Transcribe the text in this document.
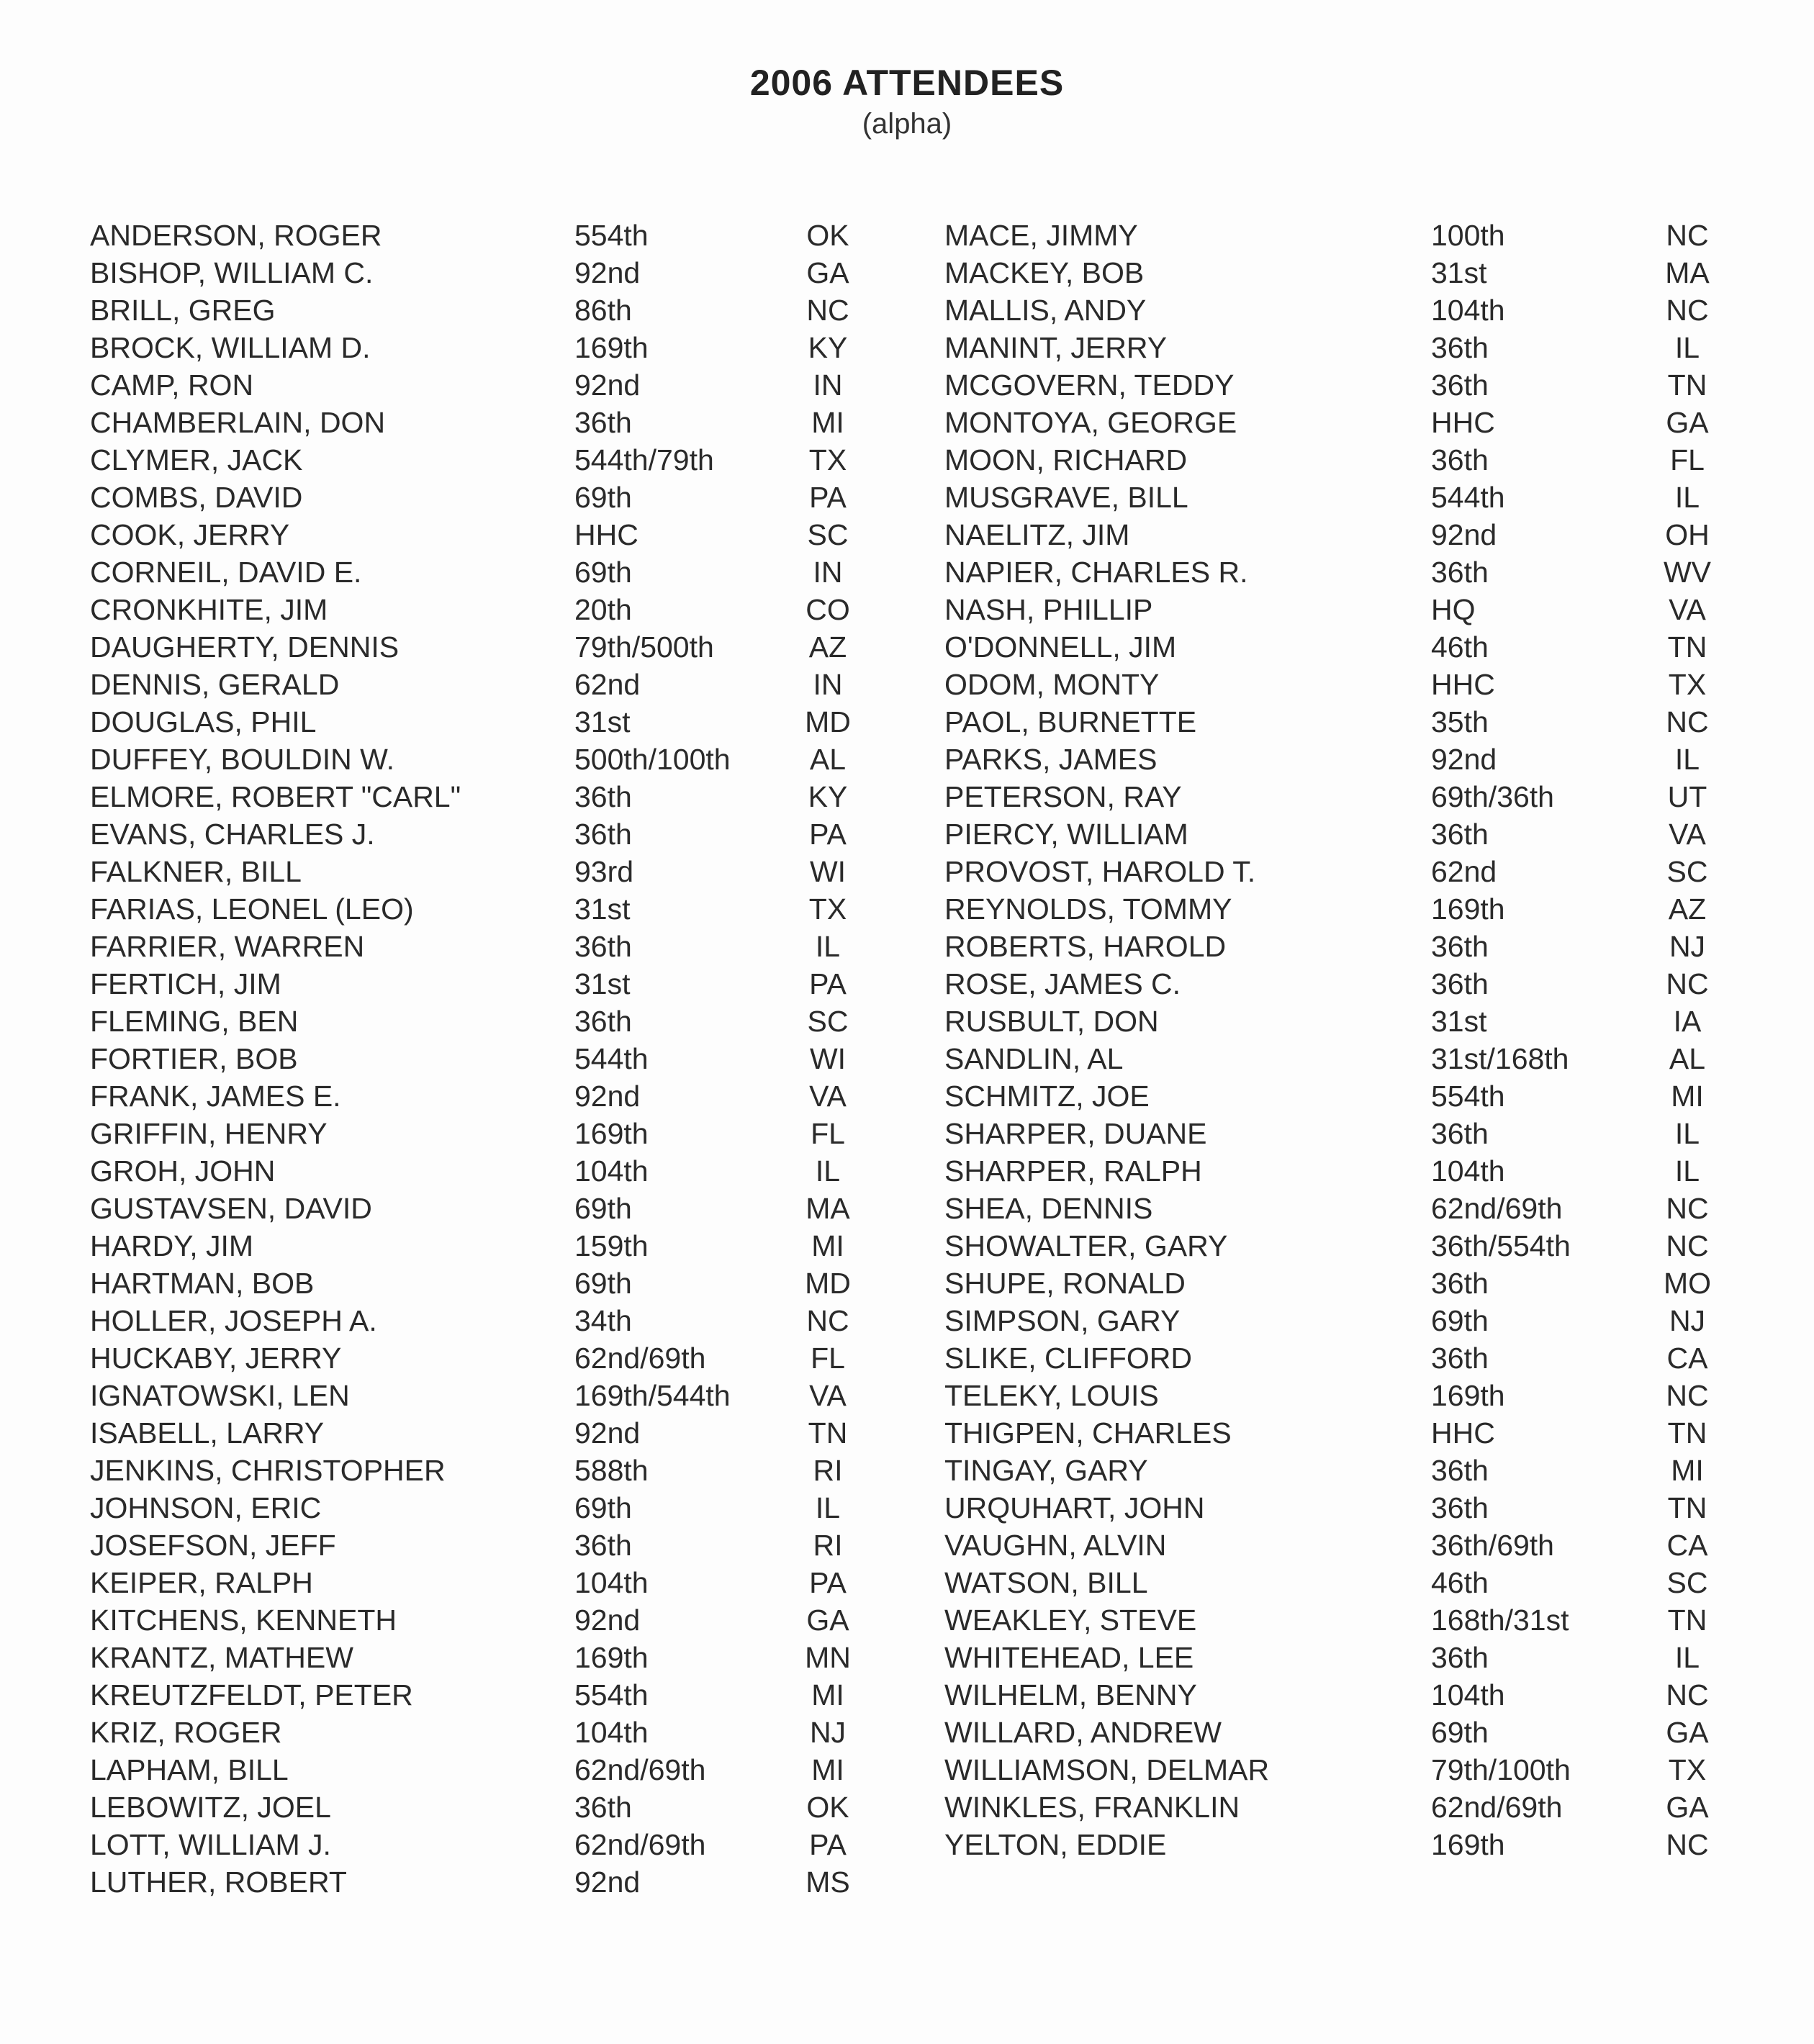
2006 ATTENDEES
(alpha)
ANDERSON, ROGER	554th	OK
BISHOP, WILLIAM C.	92nd	GA
BRILL, GREG	86th	NC
BROCK, WILLIAM D.	169th	KY
CAMP, RON	92nd	IN
CHAMBERLAIN, DON	36th	MI
CLYMER, JACK	544th/79th	TX
COMBS, DAVID	69th	PA
COOK, JERRY	HHC	SC
CORNEIL, DAVID E.	69th	IN
CRONKHITE, JIM	20th	CO
DAUGHERTY, DENNIS	79th/500th	AZ
DENNIS, GERALD	62nd	IN
DOUGLAS, PHIL	31st	MD
DUFFEY, BOULDIN W.	500th/100th	AL
ELMORE, ROBERT "CARL"	36th	KY
EVANS, CHARLES J.	36th	PA
FALKNER, BILL	93rd	WI
FARIAS, LEONEL (LEO)	31st	TX
FARRIER, WARREN	36th	IL
FERTICH, JIM	31st	PA
FLEMING, BEN	36th	SC
FORTIER, BOB	544th	WI
FRANK, JAMES E.	92nd	VA
GRIFFIN, HENRY	169th	FL
GROH, JOHN	104th	IL
GUSTAVSEN, DAVID	69th	MA
HARDY, JIM	159th	MI
HARTMAN, BOB	69th	MD
HOLLER, JOSEPH A.	34th	NC
HUCKABY, JERRY	62nd/69th	FL
IGNATOWSKI, LEN	169th/544th	VA
ISABELL, LARRY	92nd	TN
JENKINS, CHRISTOPHER	588th	RI
JOHNSON, ERIC	69th	IL
JOSEFSON, JEFF	36th	RI
KEIPER, RALPH	104th	PA
KITCHENS, KENNETH	92nd	GA
KRANTZ, MATHEW	169th	MN
KREUTZFELDT, PETER	554th	MI
KRIZ, ROGER	104th	NJ
LAPHAM, BILL	62nd/69th	MI
LEBOWITZ, JOEL	36th	OK
LOTT, WILLIAM J.	62nd/69th	PA
LUTHER, ROBERT	92nd	MS
MACE, JIMMY	100th	NC
MACKEY, BOB	31st	MA
MALLIS, ANDY	104th	NC
MANINT, JERRY	36th	IL
MCGOVERN, TEDDY	36th	TN
MONTOYA, GEORGE	HHC	GA
MOON, RICHARD	36th	FL
MUSGRAVE, BILL	544th	IL
NAELITZ, JIM	92nd	OH
NAPIER, CHARLES R.	36th	WV
NASH, PHILLIP	HQ	VA
O'DONNELL, JIM	46th	TN
ODOM, MONTY	HHC	TX
PAOL, BURNETTE	35th	NC
PARKS, JAMES	92nd	IL
PETERSON, RAY	69th/36th	UT
PIERCY, WILLIAM	36th	VA
PROVOST, HAROLD T.	62nd	SC
REYNOLDS, TOMMY	169th	AZ
ROBERTS, HAROLD	36th	NJ
ROSE, JAMES C.	36th	NC
RUSBULT, DON	31st	IA
SANDLIN, AL	31st/168th	AL
SCHMITZ, JOE	554th	MI
SHARPER, DUANE	36th	IL
SHARPER, RALPH	104th	IL
SHEA, DENNIS	62nd/69th	NC
SHOWALTER, GARY	36th/554th	NC
SHUPE, RONALD	36th	MO
SIMPSON, GARY	69th	NJ
SLIKE, CLIFFORD	36th	CA
TELEKY, LOUIS	169th	NC
THIGPEN, CHARLES	HHC	TN
TINGAY, GARY	36th	MI
URQUHART, JOHN	36th	TN
VAUGHN, ALVIN	36th/69th	CA
WATSON, BILL	46th	SC
WEAKLEY, STEVE	168th/31st	TN
WHITEHEAD, LEE	36th	IL
WILHELM, BENNY	104th	NC
WILLARD, ANDREW	69th	GA
WILLIAMSON, DELMAR	79th/100th	TX
WINKLES, FRANKLIN	62nd/69th	GA
YELTON, EDDIE	169th	NC
